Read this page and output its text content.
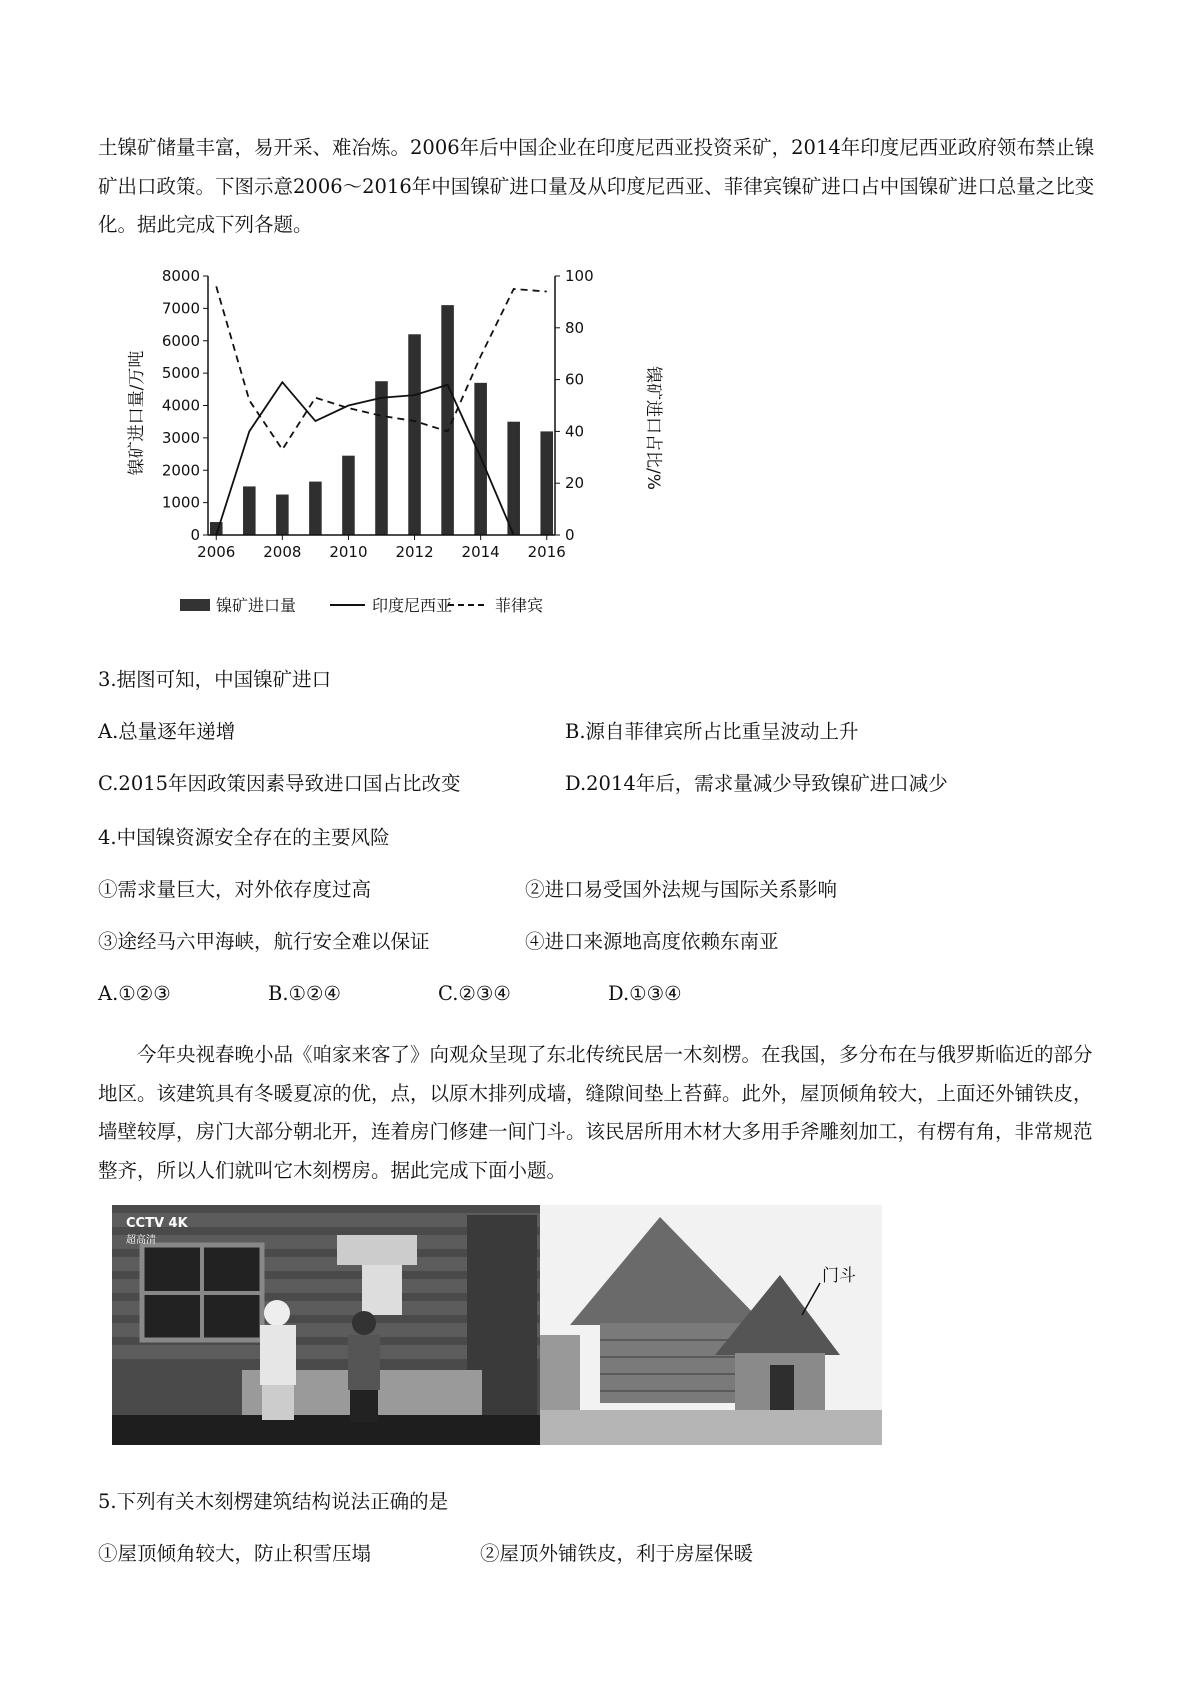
土镍矿储量丰富，易开采、难冶炼。2006年后中国企业在印度尼西亚投资采矿，2014年印度尼西亚政府领布禁止镍矿出口政策。下图示意2006～2016年中国镍矿进口量及从印度尼西亚、菲律宾镍矿进口占中国镍矿进口总量之比变化。据此完成下列各题。

0
1000
2000
3000
4000
5000
6000
7000
8000
0
20
40
60
80
100
2006 2008 2010 2012 2014 2016
镍矿进口量/万吨	镍矿进口占比/%
镍矿进口量	印度尼西亚	菲律宾

3.据图可知，中国镍矿进口

A.总量逐年递增	B.源自菲律宾所占比重呈波动上升

C.2015年因政策因素导致进口国占比改变	D.2014年后，需求量减少导致镍矿进口减少

4.中国镍资源安全存在的主要风险

①需求量巨大，对外依存度过高	②进口易受国外法规与国际关系影响

③途经马六甲海峡，航行安全难以保证	④进口来源地高度依赖东南亚

A.①②③	B.①②④	C.②③④	D.①③④

今年央视春晚小品《咱家来客了》向观众呈现了东北传统民居一木刻楞。在我国，多分布在与俄罗斯临近的部分地区。该建筑具有冬暖夏凉的优，点，以原木排列成墙，缝隙间垫上苔藓。此外，屋顶倾角较大，上面还外铺铁皮，墙壁较厚，房门大部分朝北开，连着房门修建一间门斗。该民居所用木材大多用手斧雕刻加工，有楞有角，非常规范整齐，所以人们就叫它木刻楞房。据此完成下面小题。

CCTV 4K
超高清
门斗

5.下列有关木刻楞建筑结构说法正确的是

①屋顶倾角较大，防止积雪压塌	②屋顶外铺铁皮，利于房屋保暖
